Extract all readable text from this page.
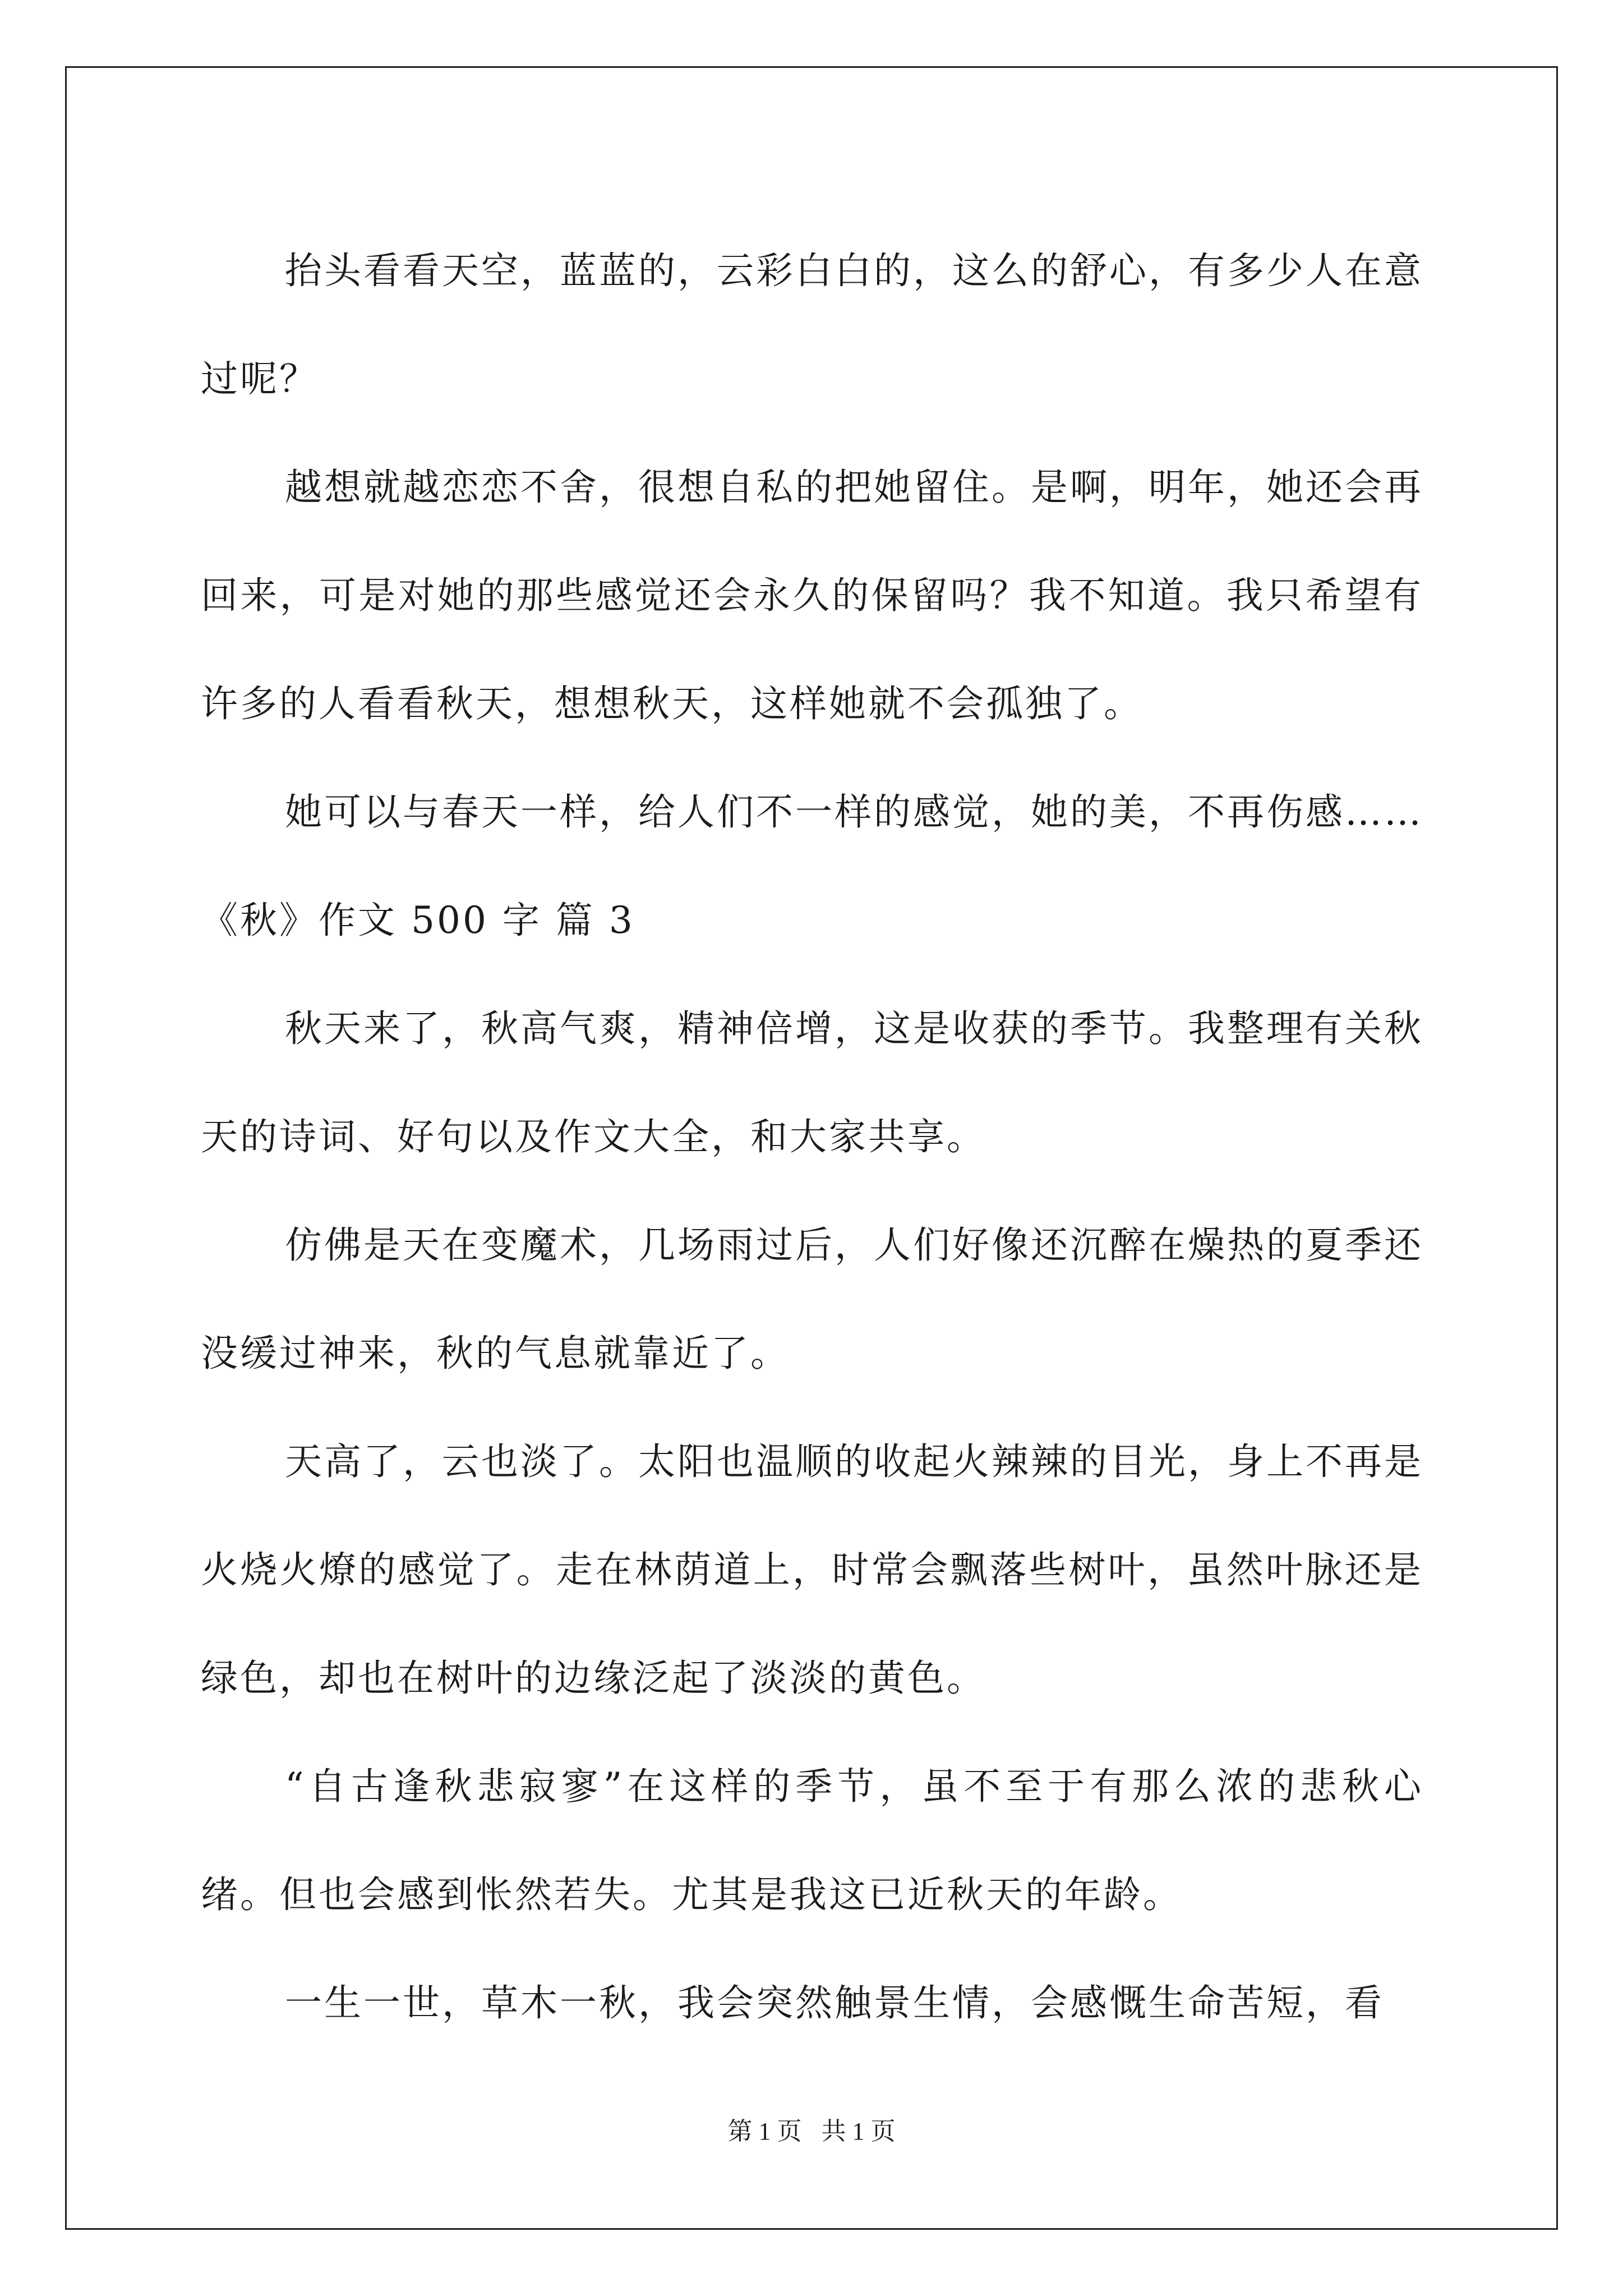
抬头看看天空，蓝蓝的，云彩白白的，这么的舒心，有多少人在意过呢？

越想就越恋恋不舍，很想自私的把她留住。是啊，明年，她还会再回来，可是对她的那些感觉还会永久的保留吗？我不知道。我只希望有许多的人看看秋天，想想秋天，这样她就不会孤独了。

她可以与春天一样，给人们不一样的感觉，她的美，不再伤感……

《秋》作文 500 字 篇 3

秋天来了，秋高气爽，精神倍增，这是收获的季节。我整理有关秋天的诗词、好句以及作文大全，和大家共享。

仿佛是天在变魔术，几场雨过后，人们好像还沉醉在燥热的夏季还没缓过神来，秋的气息就靠近了。

天高了，云也淡了。太阳也温顺的收起火辣辣的目光，身上不再是火烧火燎的感觉了。走在林荫道上，时常会飘落些树叶，虽然叶脉还是绿色，却也在树叶的边缘泛起了淡淡的黄色。

“自古逢秋悲寂寥”在这样的季节，虽不至于有那么浓的悲秋心绪。但也会感到怅然若失。尤其是我这已近秋天的年龄。

一生一世，草木一秋，我会突然触景生情，会感慨生命苦短，看

第 1 页 共 1 页
